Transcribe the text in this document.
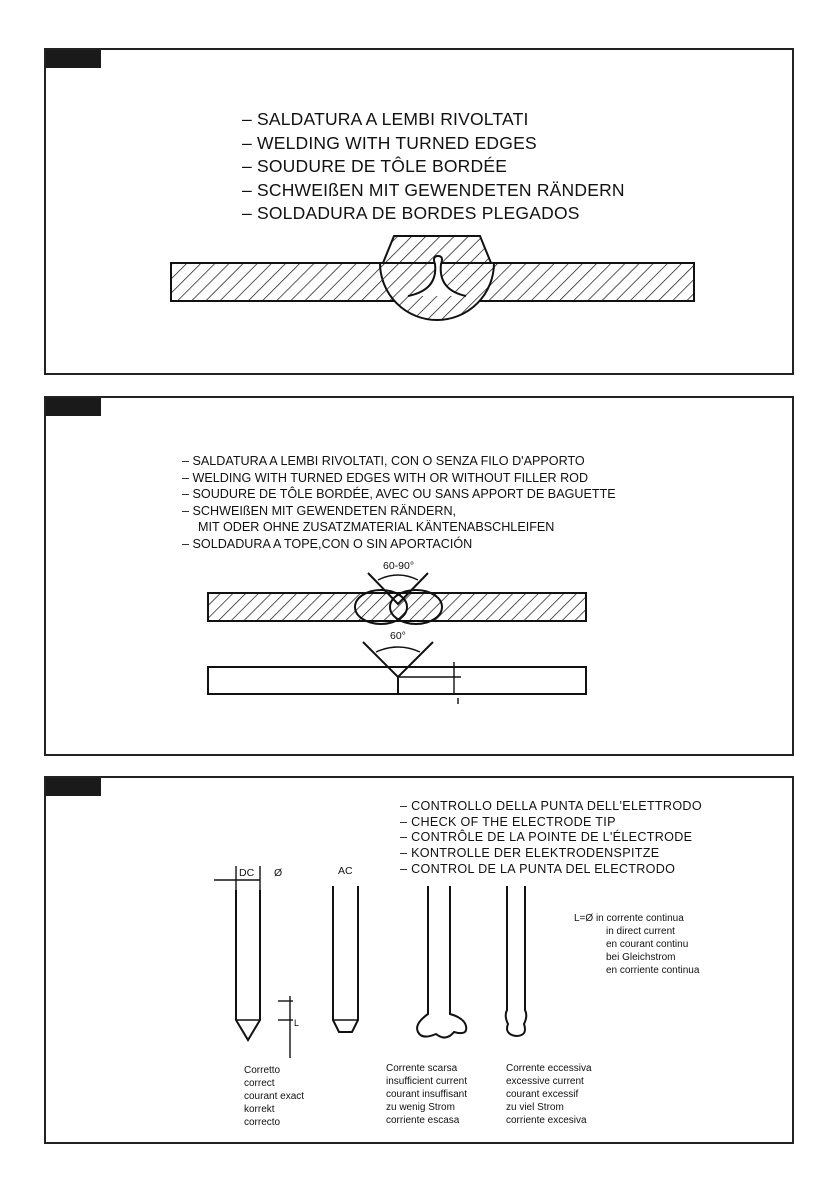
– SALDATURA A LEMBI RIVOLTATI
– WELDING WITH TURNED EDGES
– SOUDURE DE TÔLE BORDÉE
– SCHWEIßEN MIT GEWENDETEN RÄNDERN
– SOLDADURA DE BORDES PLEGADOS
– SALDATURA A LEMBI RIVOLTATI, CON O SENZA FILO D'APPORTO
– WELDING WITH TURNED EDGES WITH OR WITHOUT FILLER ROD
– SOUDURE DE TÔLE BORDÉE, AVEC OU SANS APPORT DE BAGUETTE
– SCHWEIßEN MIT GEWENDETEN RÄNDERN,
MIT ODER OHNE ZUSATZMATERIAL KÄNTENABSCHLEIFEN
– SOLDADURA A TOPE,CON O SIN APORTACIÓN
60-90°
60°
– CONTROLLO DELLA PUNTA DELL'ELETTRODO
– CHECK OF THE ELECTRODE TIP
– CONTRÔLE DE LA POINTE DE L'ÉLECTRODE
– KONTROLLE DER ELEKTRODENSPITZE
– CONTROL DE LA PUNTA DEL ELECTRODO
DC Ø
L
AC
L=Ø in corrente continua
in direct current
en courant continu
bei Gleichstrom
en corriente continua
Corretto
correct
courant exact
korrekt
correcto
Corrente scarsa
insufficient current
courant insuffisant
zu wenig Strom
corriente escasa
Corrente eccessiva
excessive current
courant excessif
zu viel Strom
corriente excesiva
